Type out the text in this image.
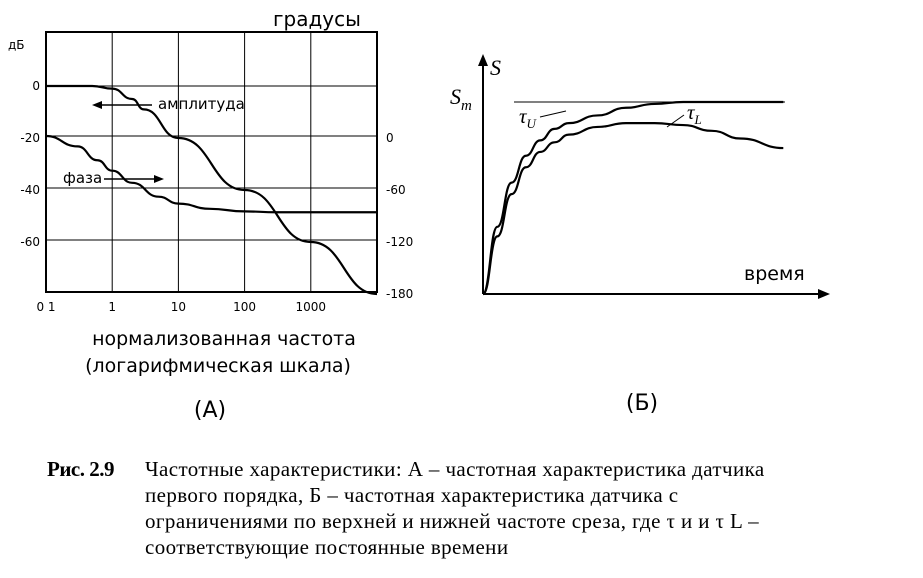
0
-20
-40
-60
0
-60
-120
-180
0 1	1	10	100	1000
дБ
градусы
амплитуда
фаза
нормализованная частота
(логарифмическая шкала)
(А)
S
$S_m$ $\tau_U$	$\tau_L$
время
(Б)
Рис. 2.9 Частотные характеристики: А – частотная характеристика датчика
первого порядка, Б – частотная характеристика датчика с
ограничениями по верхней и нижней частоте среза, где τ и и τ L –
соответствующие постоянные времени
